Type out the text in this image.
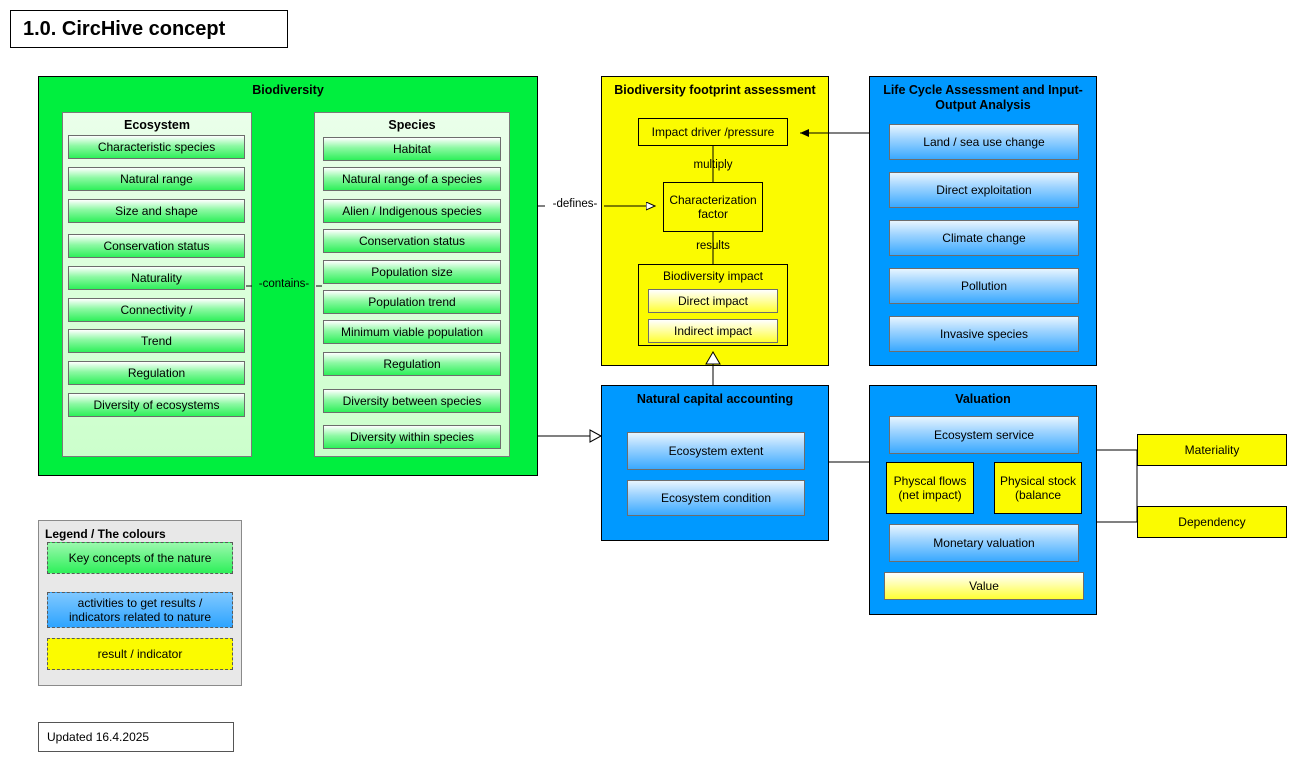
1.0. CircHive concept
Biodiversity
Ecosystem
Characteristic species
Natural range
Size and shape
Conservation status
Naturality
Connectivity /
Trend
Regulation
Diversity of ecosystems
Species
Habitat
Natural range of a species
Alien / Indigenous species
Conservation status
Population size
Population trend
Minimum viable population
Regulation
Diversity between species
Diversity within species
-contains-
Biodiversity footprint assessment
Impact driver /pressure
multiply
Characterization factor
results
Biodiversity impact
Direct impact
Indirect impact
-defines-
Life Cycle Assessment and Input-Output Analysis
Land / sea use change
Direct exploitation
Climate change
Pollution
Invasive species
Natural capital accounting
Ecosystem extent
Ecosystem condition
Valuation
Ecosystem service
Physcal flows (net impact)
Physical stock (balance
Monetary valuation
Value
Materiality
Dependency
Legend / The colours
Key concepts of the nature
activities to get results / indicators related to nature
result / indicator
Updated 16.4.2025
